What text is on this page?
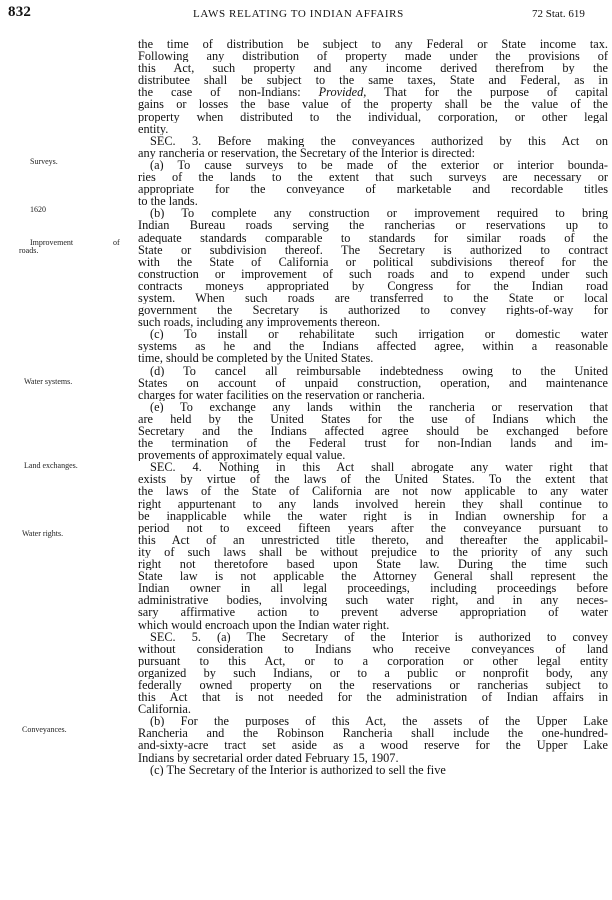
832	LAWS RELATING TO INDIAN AFFAIRS	72 Stat. 619
Surveys.
1620
Improvement	of
roads.
Water systems.
Land exchanges.
Water rights.
Conveyances.
the time of distribution be subject to any Federal or State income tax.
Following any distribution of property made under the provisions of
this Act, such property and any income derived therefrom by the
distributee shall be subject to the same taxes, State and Federal, as in
the case of non-Indians: Provided, That for the purpose of capital
gains or losses the base value of the property shall be the value of the
property when distributed to the individual, corporation, or other legal
entity.
SEC. 3. Before making the conveyances authorized by this Act on
any rancheria or reservation, the Secretary of the Interior is directed:
(a) To cause surveys to be made of the exterior or interior bounda-
ries of the lands to the extent that such surveys are necessary or
appropriate for the conveyance of marketable and recordable titles
to the lands.
(b) To complete any construction or improvement required to bring
Indian Bureau roads serving the rancherias or reservations up to
adequate standards comparable to standards for similar roads of the
State or subdivision thereof. The Secretary is authorized to contract
with the State of California or political subdivisions thereof for the
construction or improvement of such roads and to expend under such
contracts moneys appropriated by Congress for the Indian road
system. When such roads are transferred to the State or local
government the Secretary is authorized to convey rights-of-way for
such roads, including any improvements thereon.
(c) To install or rehabilitate such irrigation or domestic water
systems as he and the Indians affected agree, within a reasonable
time, should be completed by the United States.
(d) To cancel all reimbursable indebtedness owing to the United
States on account of unpaid construction, operation, and maintenance
charges for water facilities on the reservation or rancheria.
(e) To exchange any lands within the rancheria or reservation that
are held by the United States for the use of Indians which the
Secretary and the Indians affected agree should be exchanged before
the termination of the Federal trust for non-Indian lands and im-
provements of approximately equal value.
SEC. 4. Nothing in this Act shall abrogate any water right that
exists by virtue of the laws of the United States. To the extent that
the laws of the State of California are not now applicable to any water
right appurtenant to any lands involved herein they shall continue to
be inapplicable while the water right is in Indian ownership for a
period not to exceed fifteen years after the conveyance pursuant to
this Act of an unrestricted title thereto, and thereafter the applicabil-
ity of such laws shall be without prejudice to the priority of any such
right not theretofore based upon State law. During the time such
State law is not applicable the Attorney General shall represent the
Indian owner in all legal proceedings, including proceedings before
administrative bodies, involving such water right, and in any neces-
sary affirmative action to prevent adverse appropriation of water
which would encroach upon the Indian water right.
SEC. 5. (a) The Secretary of the Interior is authorized to convey
without consideration to Indians who receive conveyances of land
pursuant to this Act, or to a corporation or other legal entity
organized by such Indians, or to a public or nonprofit body, any
federally owned property on the reservations or rancherias subject to
this Act that is not needed for the administration of Indian affairs in
California.
(b) For the purposes of this Act, the assets of the Upper Lake
Rancheria and the Robinson Rancheria shall include the one-hundred-
and-sixty-acre tract set aside as a wood reserve for the Upper Lake
Indians by secretarial order dated February 15, 1907.
(c) The Secretary of the Interior is authorized to sell the five
